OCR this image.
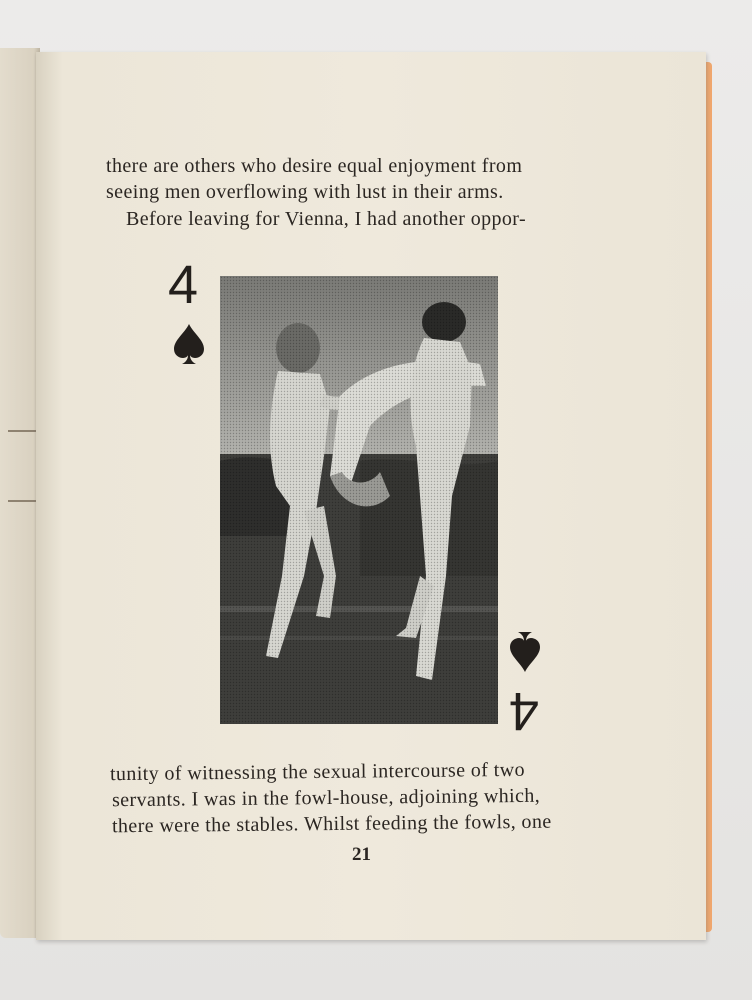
there are others who desire equal enjoyment from

seeing men overflowing with lust in their arms.

Before leaving for Vienna, I had another oppor-

4
4

tunity of witnessing the sexual intercourse of two

servants. I was in the fowl-house, adjoining which,

there were the stables. Whilst feeding the fowls, one

21
